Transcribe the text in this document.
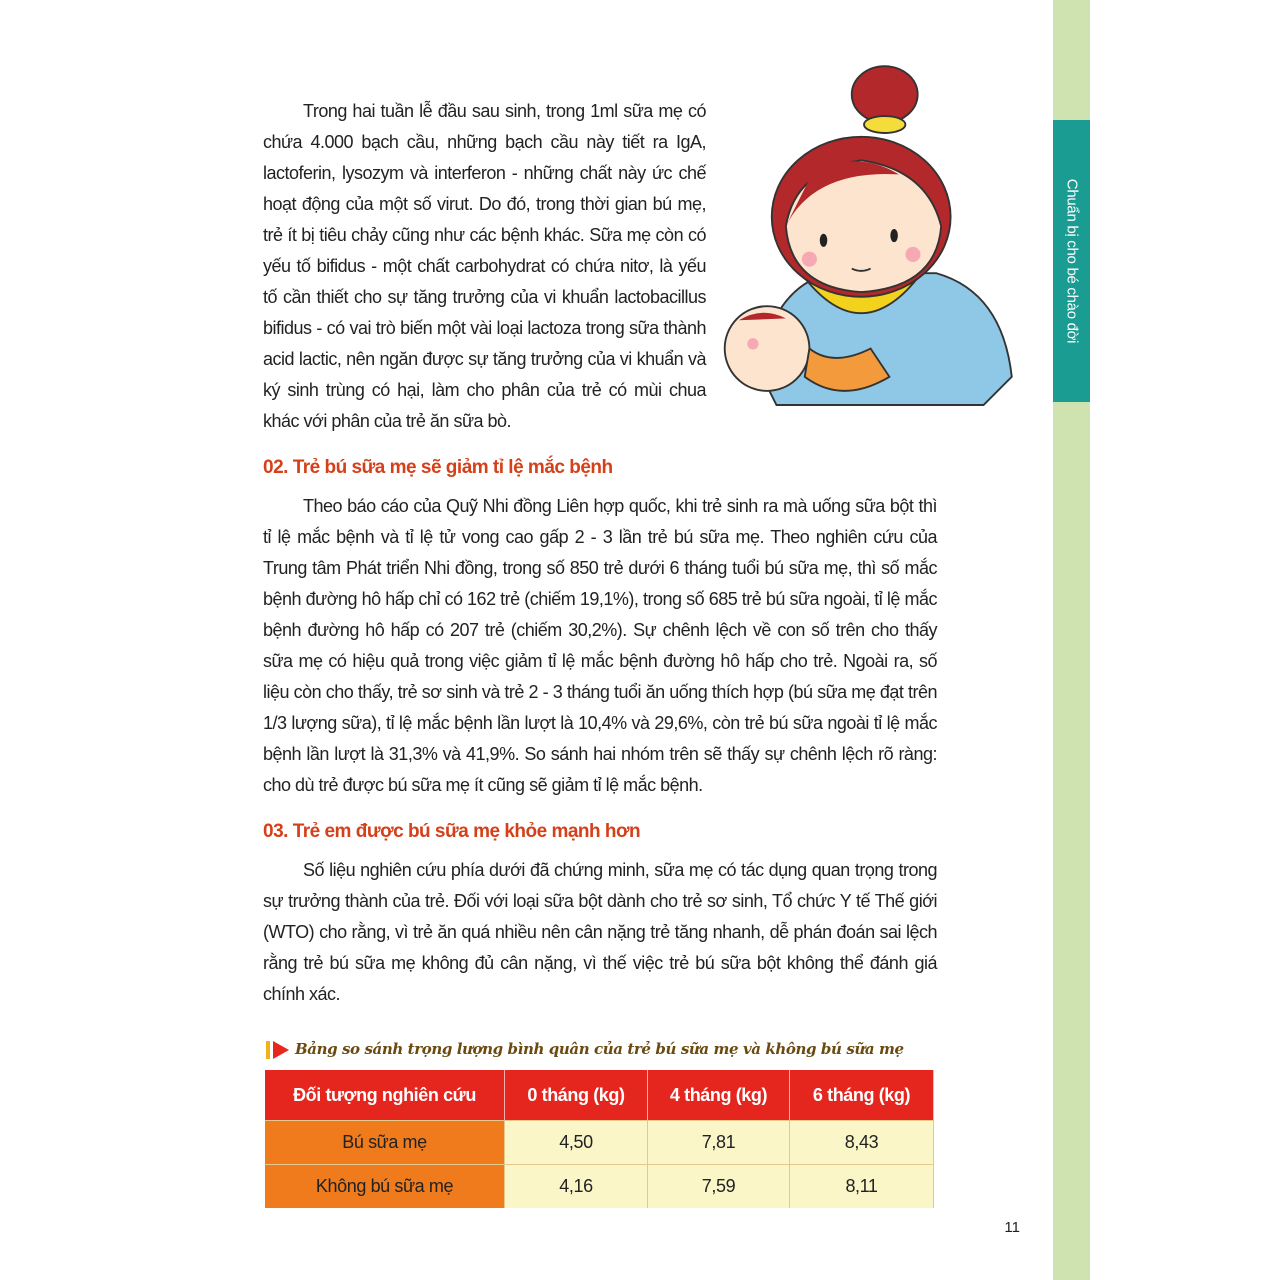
Chuẩn bị cho bé chào đời

Trong hai tuần lễ đầu sau sinh, trong 1ml sữa mẹ có chứa 4.000 bạch cầu, những bạch cầu này tiết ra IgA, lactoferin, lysozym và interferon - những chất này ức chế hoạt động của một số virut. Do đó, trong thời gian bú mẹ, trẻ ít bị tiêu chảy cũng như các bệnh khác. Sữa mẹ còn có yếu tố bifidus - một chất carbohydrat có chứa nitơ, là yếu tố cần thiết cho sự tăng trưởng của vi khuẩn lactobacillus bifidus - có vai trò biến một vài loại lactoza trong sữa thành acid lactic, nên ngăn được sự tăng trưởng của vi khuẩn và ký sinh trùng có hại, làm cho phân của trẻ có mùi chua khác với phân của trẻ ăn sữa bò.

02. Trẻ bú sữa mẹ sẽ giảm tỉ lệ mắc bệnh

Theo báo cáo của Quỹ Nhi đồng Liên hợp quốc, khi trẻ sinh ra mà uống sữa bột thì tỉ lệ mắc bệnh và tỉ lệ tử vong cao gấp 2 - 3 lần trẻ bú sữa mẹ. Theo nghiên cứu của Trung tâm Phát triển Nhi đồng, trong số 850 trẻ dưới 6 tháng tuổi bú sữa mẹ, thì số mắc bệnh đường hô hấp chỉ có 162 trẻ (chiếm 19,1%), trong số 685 trẻ bú sữa ngoài, tỉ lệ mắc bệnh đường hô hấp có 207 trẻ (chiếm 30,2%). Sự chênh lệch về con số trên cho thấy sữa mẹ có hiệu quả trong việc giảm tỉ lệ mắc bệnh đường hô hấp cho trẻ. Ngoài ra, số liệu còn cho thấy, trẻ sơ sinh và trẻ 2 - 3 tháng tuổi ăn uống thích hợp (bú sữa mẹ đạt trên 1/3 lượng sữa), tỉ lệ mắc bệnh lần lượt là 10,4% và 29,6%, còn trẻ bú sữa ngoài tỉ lệ mắc bệnh lần lượt là 31,3% và 41,9%. So sánh hai nhóm trên sẽ thấy sự chênh lệch rõ ràng: cho dù trẻ được bú sữa mẹ ít cũng sẽ giảm tỉ lệ mắc bệnh.

03. Trẻ em được bú sữa mẹ khỏe mạnh hơn

Số liệu nghiên cứu phía dưới đã chứng minh, sữa mẹ có tác dụng quan trọng trong sự trưởng thành của trẻ. Đối với loại sữa bột dành cho trẻ sơ sinh, Tổ chức Y tế Thế giới (WTO) cho rằng, vì trẻ ăn quá nhiều nên cân nặng trẻ tăng nhanh, dễ phán đoán sai lệch rằng trẻ bú sữa mẹ không đủ cân nặng, vì thế việc trẻ bú sữa bột không thể đánh giá chính xác.

Bảng so sánh trọng lượng bình quân của trẻ bú sữa mẹ và không bú sữa mẹ
Đối tượng nghiên cứu	0 tháng (kg)	4 tháng (kg)	6 tháng (kg)
Bú sữa mẹ	4,50	7,81	8,43
Không bú sữa mẹ	4,16	7,59	8,11
11
